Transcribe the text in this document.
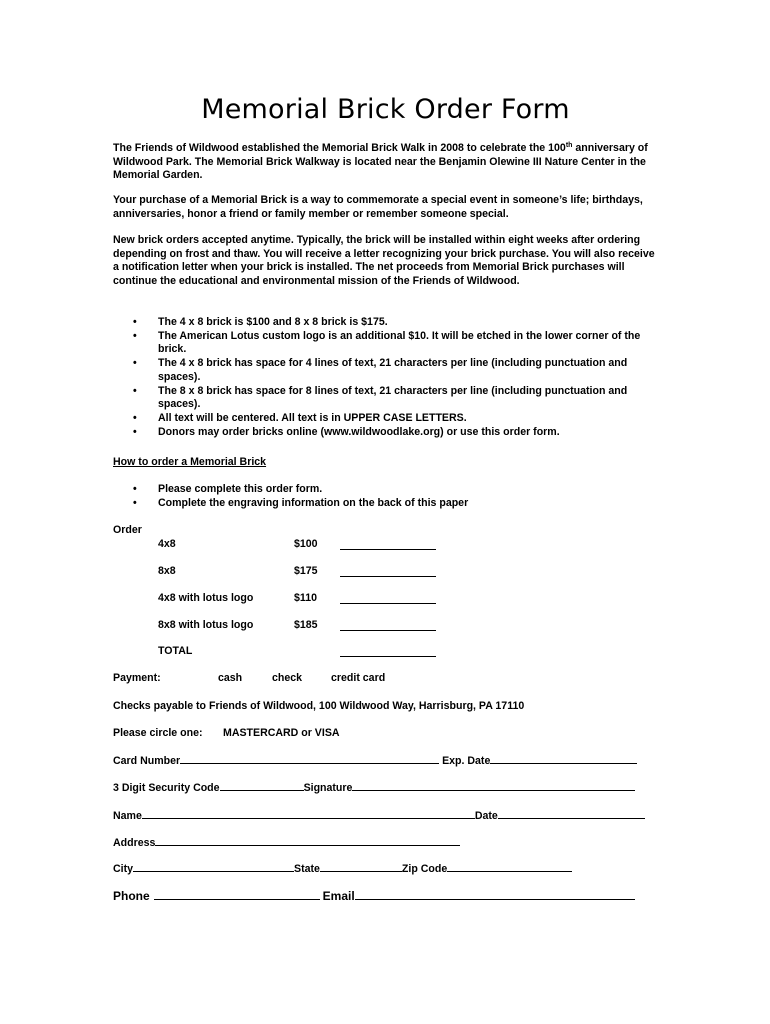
Memorial Brick Order Form

The Friends of Wildwood established the Memorial Brick Walk in 2008 to celebrate the 100th anniversary of Wildwood Park. The Memorial Brick Walkway is located near the Benjamin Olewine III Nature Center in the Memorial Garden.

Your purchase of a Memorial Brick is a way to commemorate a special event in someone’s life; birthdays, anniversaries, honor a friend or family member or remember someone special.

New brick orders accepted anytime. Typically, the brick will be installed within eight weeks after ordering depending on frost and thaw. You will receive a letter recognizing your brick purchase. You will also receive a notification letter when your brick is installed. The net proceeds from Memorial Brick purchases will continue the educational and environmental mission of the Friends of Wildwood.

• The 4 x 8 brick is $100 and 8 x 8 brick is $175.
• The American Lotus custom logo is an additional $10. It will be etched in the lower corner of the brick.
• The 4 x 8 brick has space for 4 lines of text, 21 characters per line (including punctuation and spaces).
• The 8 x 8 brick has space for 8 lines of text, 21 characters per line (including punctuation and spaces).
• All text will be centered. All text is in UPPER CASE LETTERS.
• Donors may order bricks online (www.wildwoodlake.org) or use this order form.
How to order a Memorial Brick
• Please complete this order form.
• Complete the engraving information on the back of this paper
Order
4x8	$100
8x8	$175
4x8 with lotus logo	$110
8x8 with lotus logo	$185
TOTAL
Payment:	cash	check	credit card
Checks payable to Friends of Wildwood, 100 Wildwood Way, Harrisburg, PA 17110
Please circle one: MASTERCARD or VISA
Card Number	Exp. Date
3 Digit Security Code	Signature
Name	Date
Address
City	State	Zip Code
Phone	Email
